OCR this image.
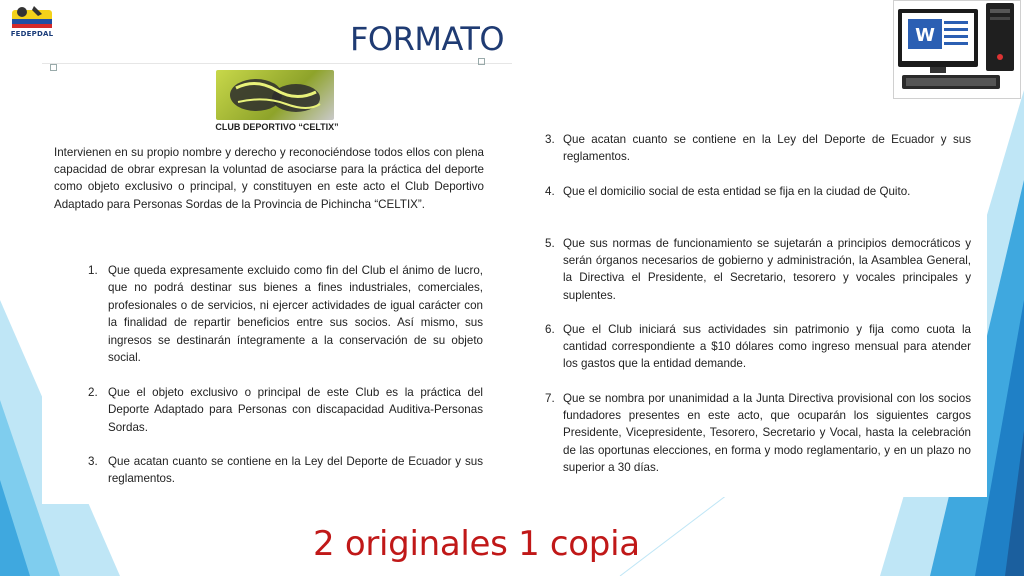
FEDEPDAL	FORMATO
CLUB DEPORTIVO “CELTIX”
Intervienen en su propio nombre y derecho y reconociéndose todos ellos con plena capacidad de obrar expresan la voluntad de asociarse para la práctica del deporte como objeto exclusivo o principal, y constituyen en este acto el Club Deportivo Adaptado para Personas Sordas de la Provincia de Pichincha “CELTIX”.
1. Que queda expresamente excluido como fin del Club el ánimo de lucro, que no podrá destinar sus bienes a fines industriales, comerciales, profesionales o de servicios, ni ejercer actividades de igual carácter con la finalidad de repartir beneficios entre sus socios. Así mismo, sus ingresos se destinarán íntegramente a la conservación de su objeto social.
2. Que el objeto exclusivo o principal de este Club es la práctica del Deporte Adaptado para Personas con discapacidad Auditiva-Personas Sordas.
3. Que acatan cuanto se contiene en la Ley del Deporte de Ecuador y sus reglamentos.
3. Que acatan cuanto se contiene en la Ley del Deporte de Ecuador y sus reglamentos.
4. Que el domicilio social de esta entidad se fija en la ciudad de Quito.
5. Que sus normas de funcionamiento se sujetarán a principios democráticos y serán órganos necesarios de gobierno y administración, la Asamblea General, la Directiva el Presidente, el Secretario, tesorero y vocales principales y suplentes.
6. Que el Club iniciará sus actividades sin patrimonio y fija como cuota la cantidad correspondiente a $10 dólares como ingreso mensual para atender los gastos que la entidad demande.
7. Que se nombra por unanimidad a la Junta Directiva provisional con los socios fundadores presentes en este acto, que ocuparán los siguientes cargos Presidente, Vicepresidente, Tesorero, Secretario y Vocal, hasta la celebración de las oportunas elecciones, en forma y modo reglamentario, y en un plazo no superior a 30 días.
W
2 originales 1 copia
